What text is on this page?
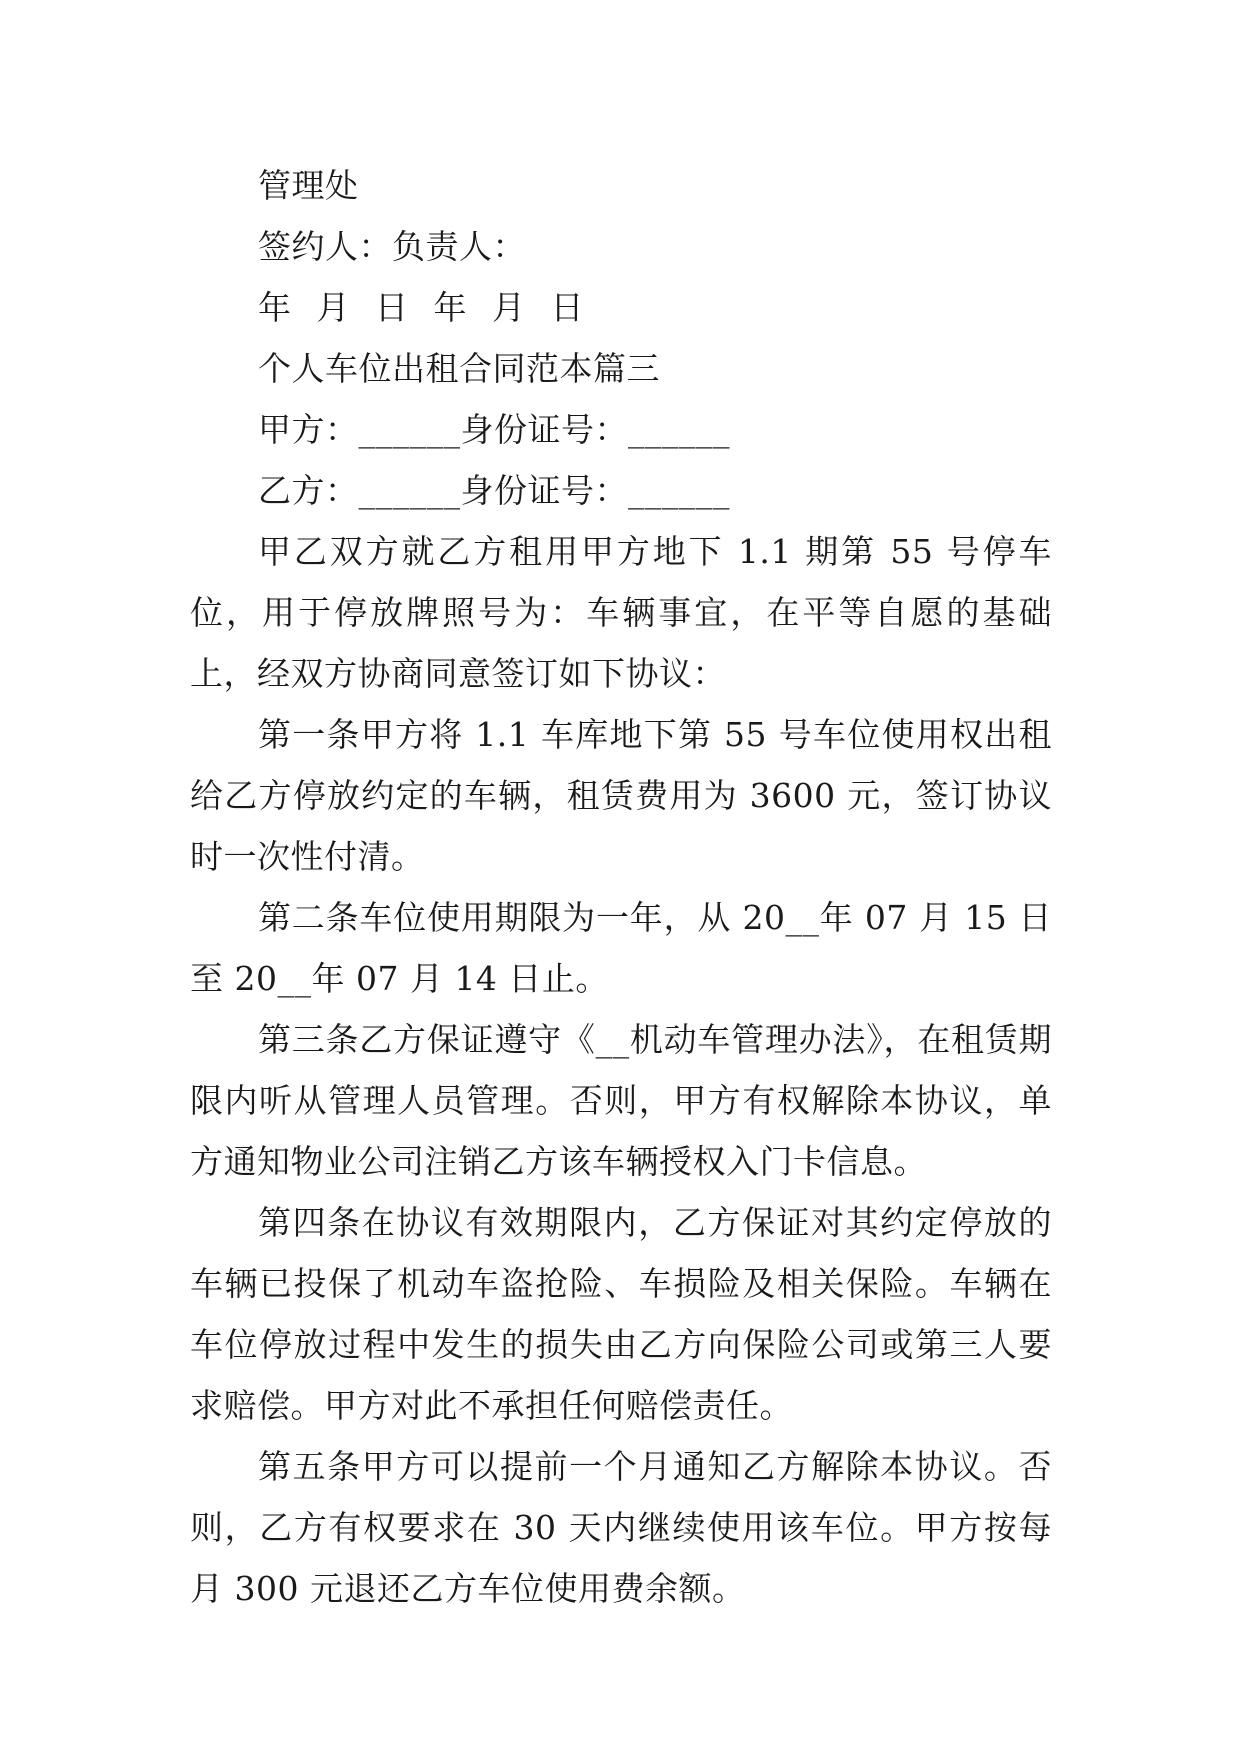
管理处

签约人：负责人：

年 月 日 年 月 日

个人车位出租合同范本篇三

甲方：______身份证号：______

乙方：______身份证号：______

甲乙双方就乙方租用甲方地下 1.1 期第 55 号停车位，用于停放牌照号为：车辆事宜，在平等自愿的基础上，经双方协商同意签订如下协议：

第一条甲方将 1.1 车库地下第 55 号车位使用权出租给乙方停放约定的车辆，租赁费用为 3600 元，签订协议时一次性付清。

第二条车位使用期限为一年，从 20__年 07 月 15 日至 20__年 07 月 14 日止。

第三条乙方保证遵守《__机动车管理办法》，在租赁期限内听从管理人员管理。否则，甲方有权解除本协议，单方通知物业公司注销乙方该车辆授权入门卡信息。

第四条在协议有效期限内，乙方保证对其约定停放的车辆已投保了机动车盗抢险、车损险及相关保险。车辆在车位停放过程中发生的损失由乙方向保险公司或第三人要求赔偿。甲方对此不承担任何赔偿责任。

第五条甲方可以提前一个月通知乙方解除本协议。否则，乙方有权要求在 30 天内继续使用该车位。甲方按每月 300 元退还乙方车位使用费余额。
